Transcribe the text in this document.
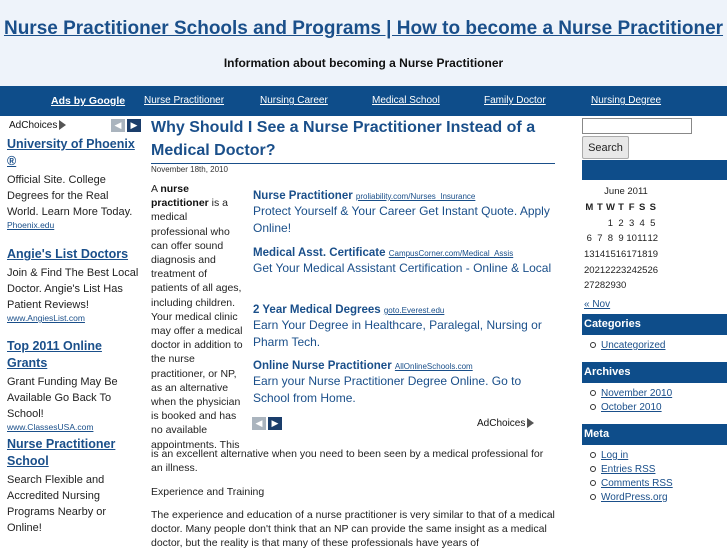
Nurse Practitioner Schools and Programs | How to become a Nurse Practitioner
Information about becoming a Nurse Practitioner
Ads by Google Nurse Practitioner	Nursing Career	Medical School	Family Doctor	Nursing Degree
AdChoices	◀	▶
University of Phoenix ®
Official Site. College Degrees for the Real World. Learn More Today.
Phoenix.edu
Angie's List Doctors
Join & Find The Best Local Doctor. Angie's List Has Patient Reviews!
www.AngiesList.com
Top 2011 Online Grants
Grant Funding May Be Available Go Back To School!
www.ClassesUSA.com
Nurse Practitioner School
Search Flexible and Accredited Nursing Programs Nearby or Online!
Why Should I See a Nurse Practitioner Instead of a Medical Doctor?
November 18th, 2010
A nurse practitioner is a medical professional who can offer sound diagnosis and treatment of patients of all ages, including children. Your medical clinic may offer a medical doctor in addition to the nurse practitioner, or NP, as an alternative when the physician is booked and has no available appointments. This
Nurse Practitioner proliability.com/Nurses_Insurance
Protect Yourself & Your Career Get Instant Quote. Apply Online!
Medical Asst. Certificate CampusCorner.com/Medical_Assis
Get Your Medical Assistant Certification - Online & Local
2 Year Medical Degrees goto.Everest.edu
Earn Your Degree in Healthcare, Paralegal, Nursing or Pharm Tech.
Online Nurse Practitioner AllOnlineSchools.com
Earn your Nurse Practitioner Degree Online. Go to School from Home.
◀	▶	AdChoices
is an excellent alternative when you need to been seen by a medical professional for an illness.
Experience and Training
The experience and education of a nurse practitioner is very similar to that of a medical doctor. Many people don't think that an NP can provide the same insight as a medical doctor, but the reality is that many of these professionals have years of
Search
June 2011
M	T	W	T	F	S	S
		1	2	3	4	5
6	7	8	9	10	11	12
13	14	15	16	17	18	19
20	21	22	23	24	25	26
27	28	29	30			
« Nov
Categories
Uncategorized
Archives
November 2010
October 2010
Meta
Log in
Entries RSS
Comments RSS
WordPress.org
